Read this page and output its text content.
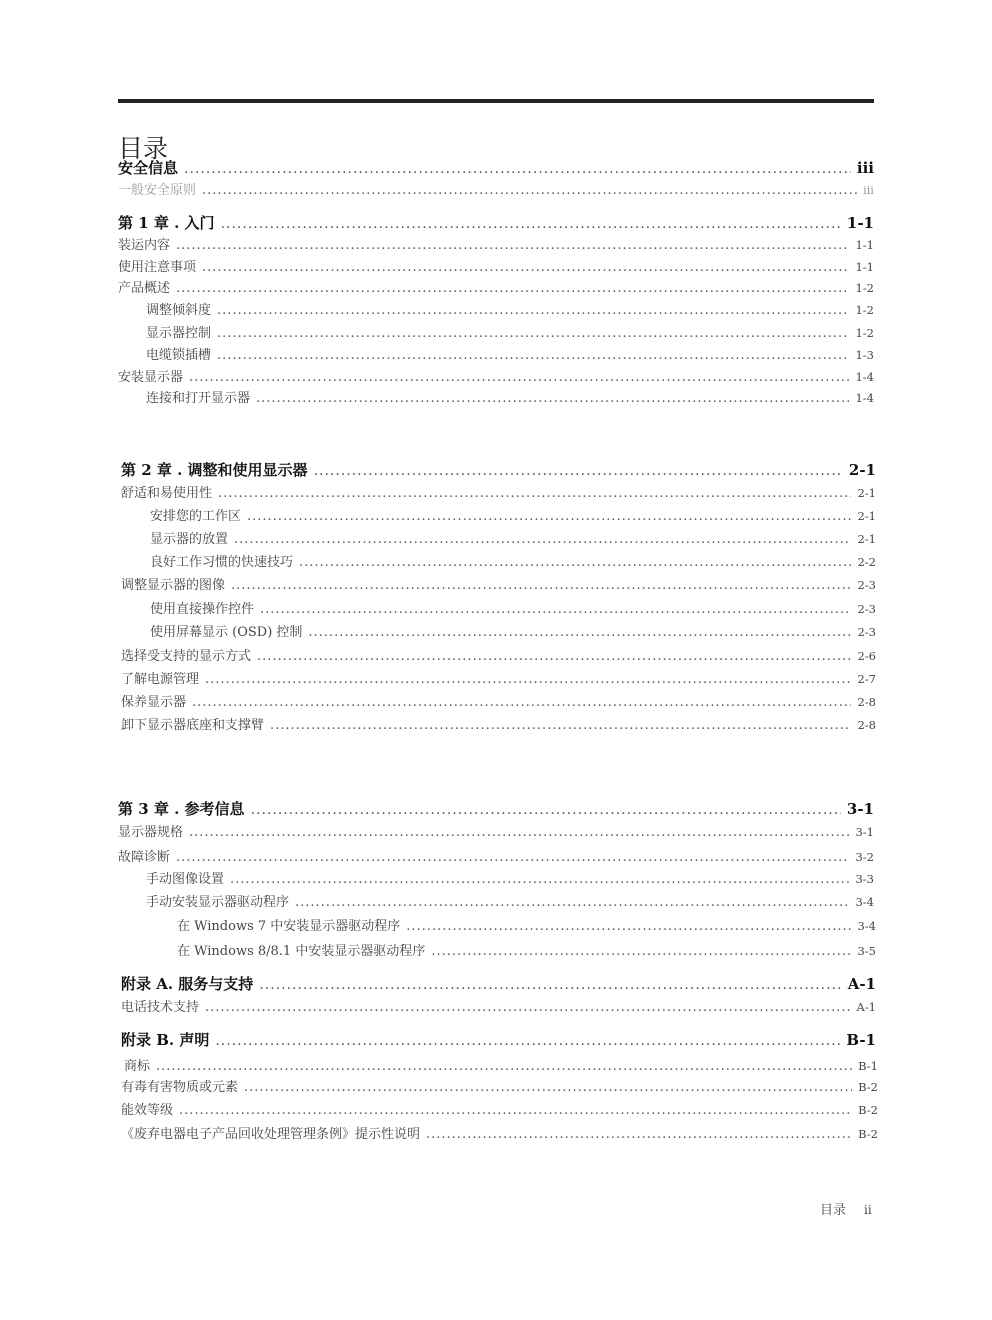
目录
安全信息 .....	iii
一般安全原则 .....	iii
第 1 章 . 入门 .....	1-1
装运内容 .....	1-1
使用注意事项 .....	1-1
产品概述 .....	1-2
调整倾斜度 .....	1-2
显示器控制 .....	1-2
电缆锁插槽 .....	1-3
安装显示器 .....	1-4
连接和打开显示器 .....	1-4
第 2 章 . 调整和使用显示器 .....	2-1
舒适和易使用性 .....	2-1
安排您的工作区 .....	2-1
显示器的放置 .....	2-1
良好工作习惯的快速技巧 .....	2-2
调整显示器的图像 .....	2-3
使用直接操作控件 .....	2-3
使用屏幕显示 (OSD) 控制 .....	2-3
选择受支持的显示方式 .....	2-6
了解电源管理 .....	2-7
保养显示器 .....	2-8
卸下显示器底座和支撑臂 .....	2-8
第 3 章 . 参考信息 .....	3-1
显示器规格 .....	3-1
故障诊断 .....	3-2
手动图像设置 .....	3-3
手动安装显示器驱动程序 .....	3-4
在 Windows 7 中安装显示器驱动程序 .....	3-4
在 Windows 8/8.1 中安装显示器驱动程序 .....	3-5
附录 A. 服务与支持 .....	A-1
电话技术支持 .....	A-1
附录 B. 声明 .....	B-1
商标 .....	B-1
有毒有害物质或元素 .....	B-2
能效等级 .....	B-2
《废弃电器电子产品回收处理管理条例》提示性说明 .....	B-2
目录 ii
